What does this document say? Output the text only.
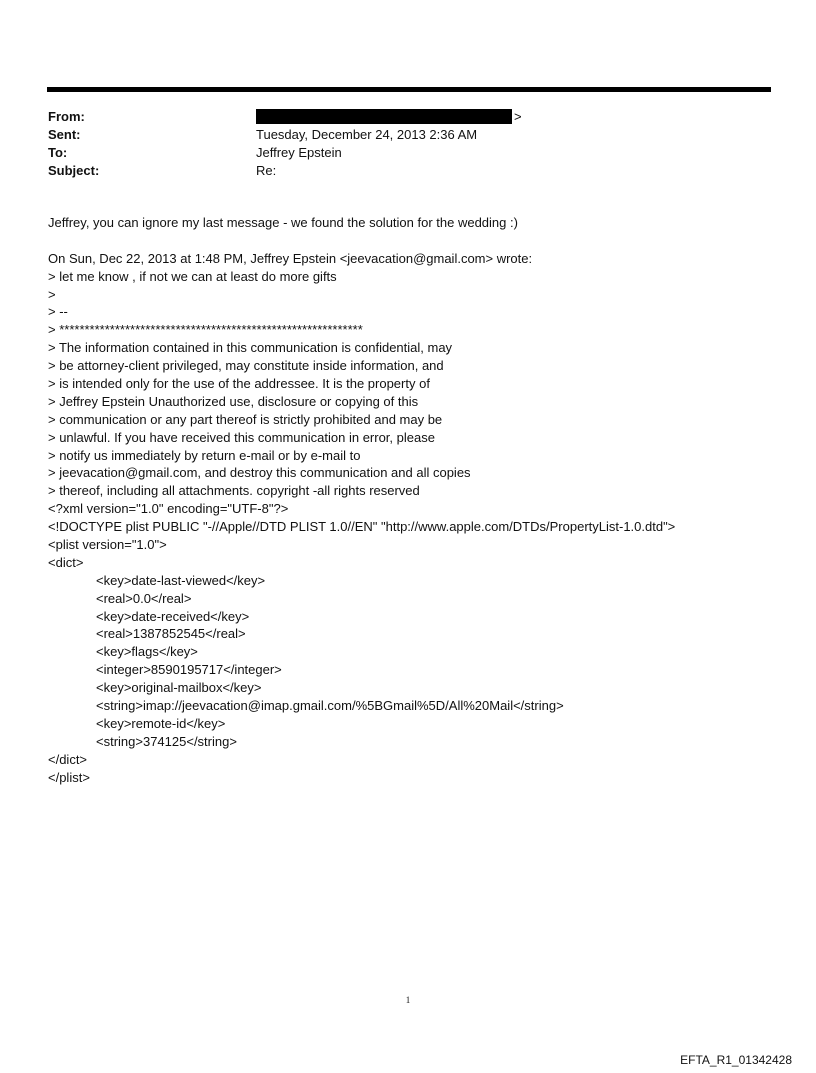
From:	>
Sent:	Tuesday, December 24, 2013 2:36 AM
To:	Jeffrey Epstein
Subject:	Re:
Jeffrey, you can ignore my last message - we found the solution for the wedding :)

On Sun, Dec 22, 2013 at 1:48 PM, Jeffrey Epstein <jeevacation@gmail.com> wrote:
> let me know , if not we can at least do more gifts
>
> --
> ************************************************************
> The information contained in this communication is confidential, may
> be attorney-client privileged, may constitute inside information, and
> is intended only for the use of the addressee. It is the property of
> Jeffrey Epstein Unauthorized use, disclosure or copying of this
> communication or any part thereof is strictly prohibited and may be
> unlawful. If you have received this communication in error, please
> notify us immediately by return e-mail or by e-mail to
> jeevacation@gmail.com, and destroy this communication and all copies
> thereof, including all attachments. copyright -all rights reserved
<?xml version="1.0" encoding="UTF-8"?>
<!DOCTYPE plist PUBLIC "-//Apple//DTD PLIST 1.0//EN" "http://www.apple.com/DTDs/PropertyList-1.0.dtd">
<plist version="1.0">
<dict>
<key>date-last-viewed</key>
<real>0.0</real>
<key>date-received</key>
<real>1387852545</real>
<key>flags</key>
<integer>8590195717</integer>
<key>original-mailbox</key>
<string>imap://jeevacation@imap.gmail.com/%5BGmail%5D/All%20Mail</string>
<key>remote-id</key>
<string>374125</string>
</dict>
</plist>
1
EFTA_R1_01342428
